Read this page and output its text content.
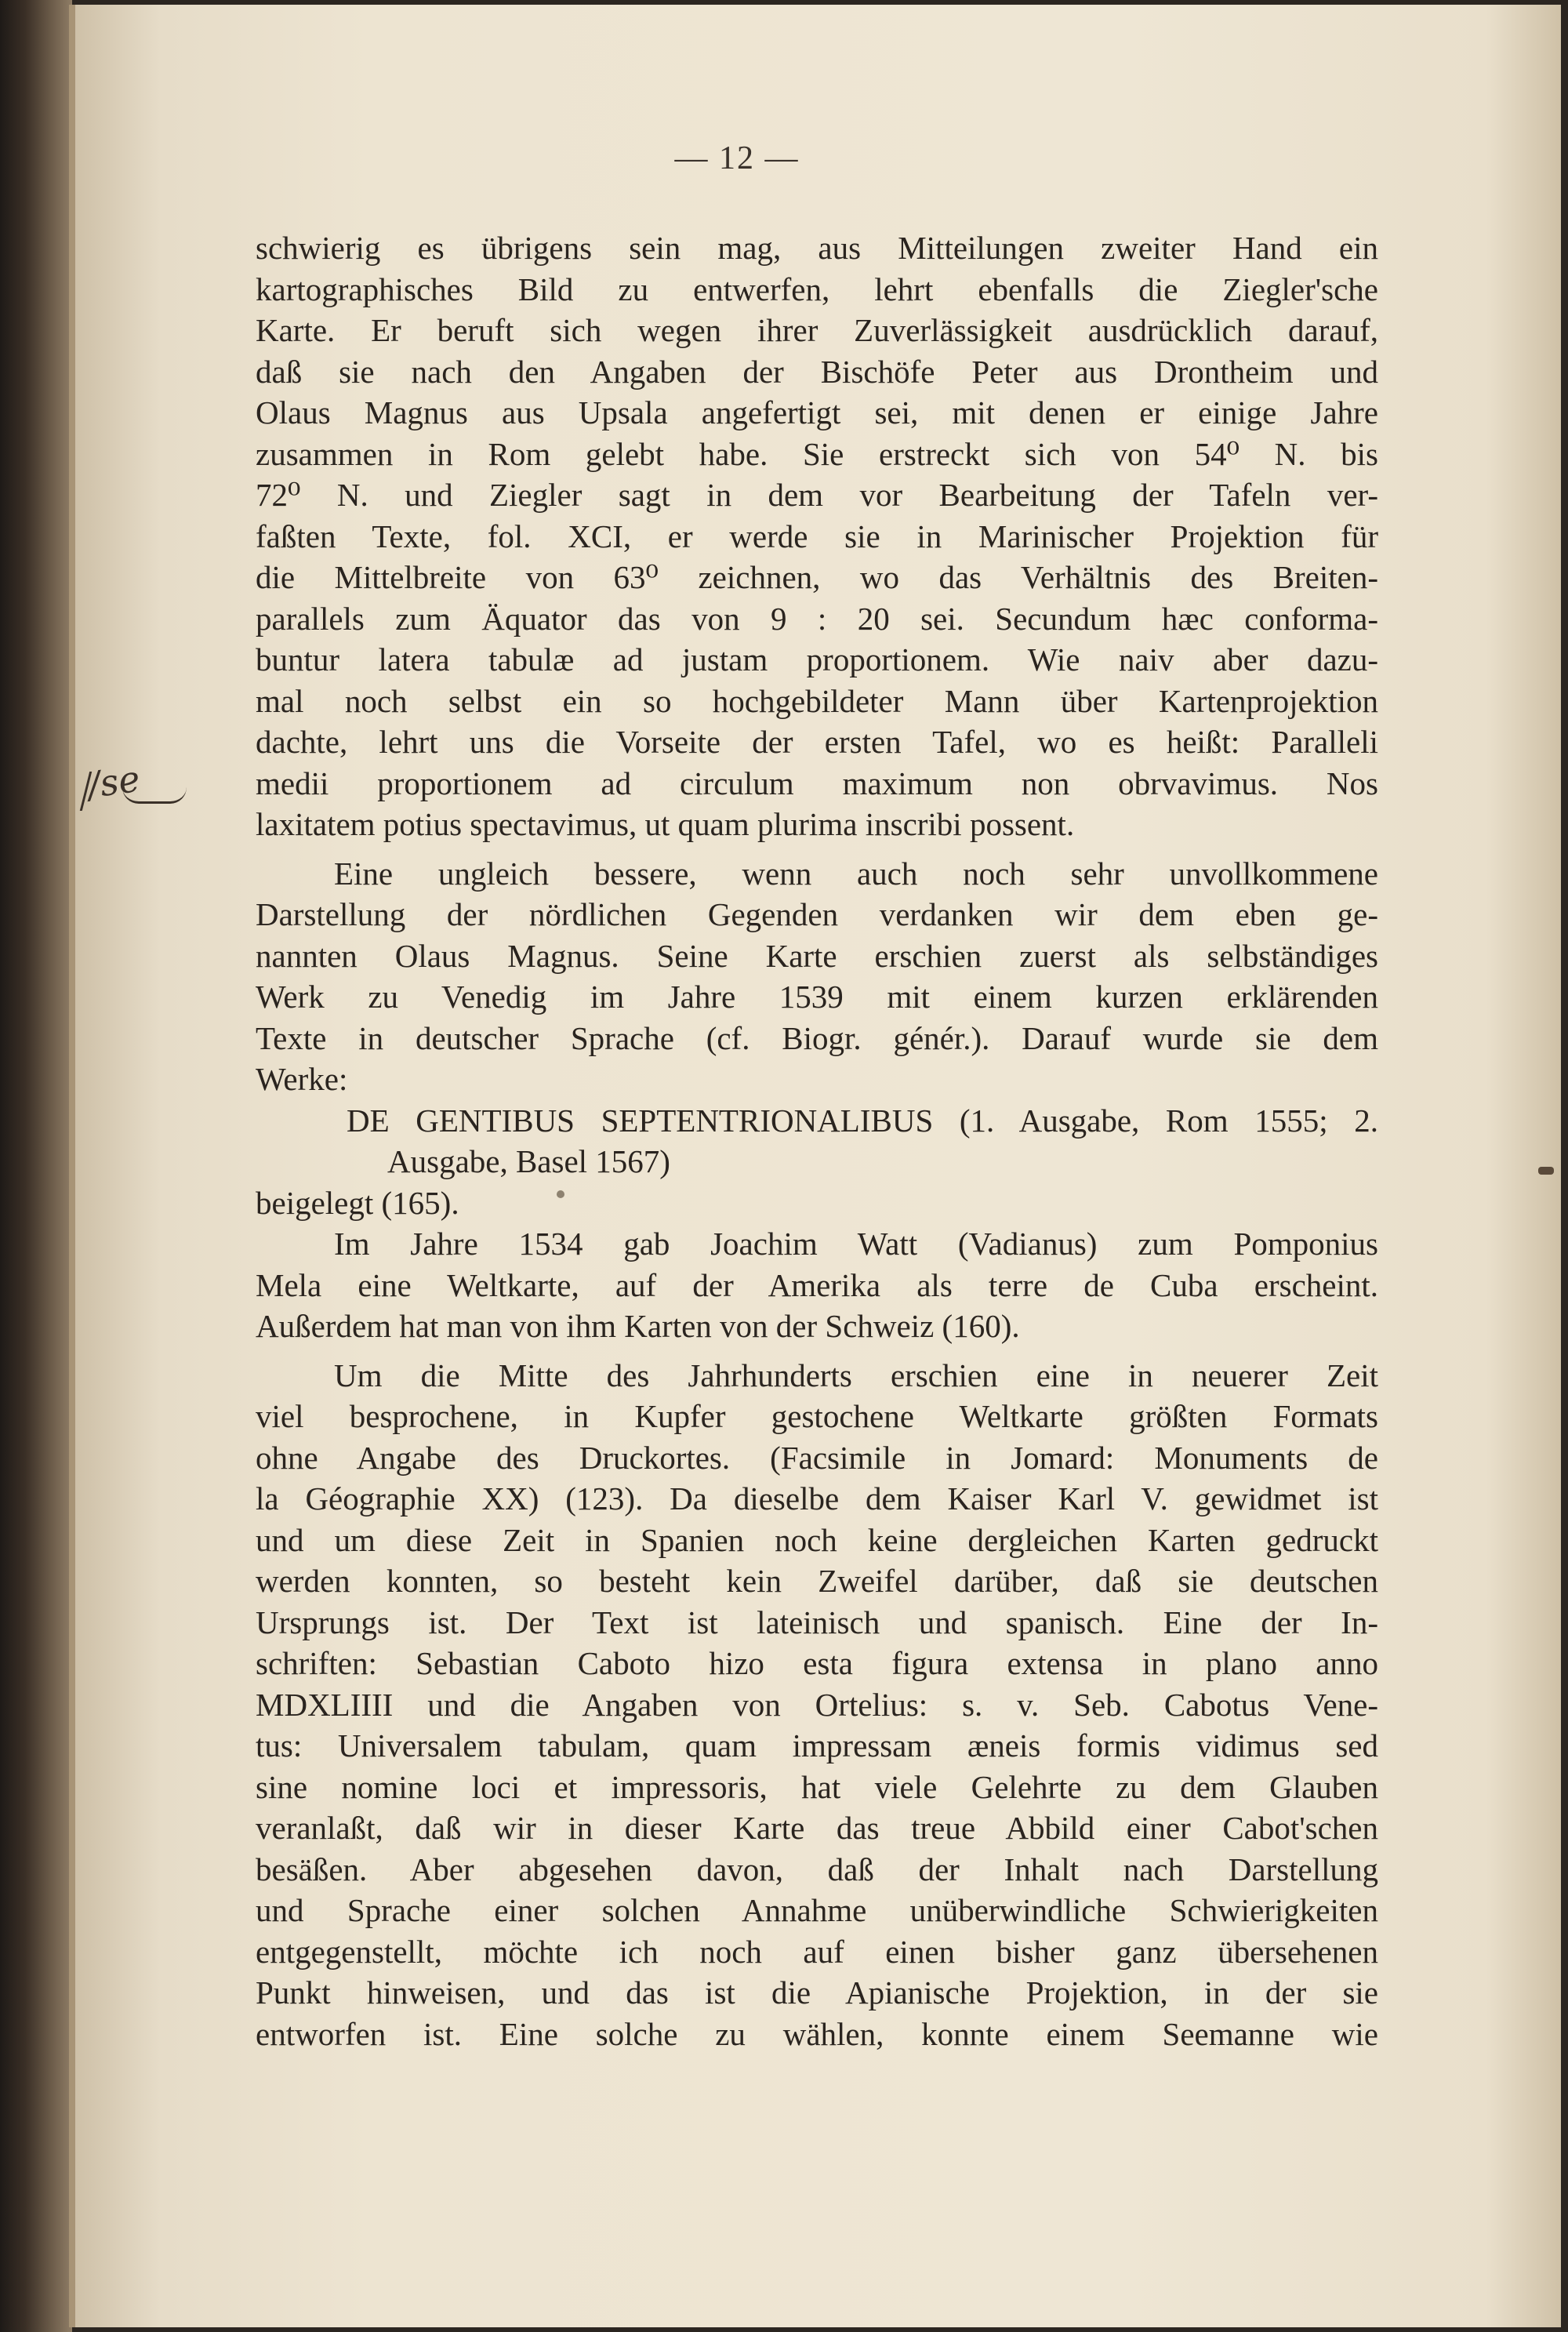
— 12 —
/se
schwierig es übrigens sein mag, aus Mitteilungen zweiter Hand ein
kartographisches Bild zu entwerfen, lehrt ebenfalls die Ziegler'sche
Karte. Er beruft sich wegen ihrer Zuverlässigkeit ausdrücklich darauf,
daß sie nach den Angaben der Bischöfe Peter aus Drontheim und
Olaus Magnus aus Upsala angefertigt sei, mit denen er einige Jahre
zusammen in Rom gelebt habe. Sie erstreckt sich von 54⁰ N. bis
72⁰ N. und Ziegler sagt in dem vor Bearbeitung der Tafeln ver-
faßten Texte, fol. XCI, er werde sie in Marinischer Projektion für
die Mittelbreite von 63⁰ zeichnen, wo das Verhältnis des Breiten-
parallels zum Äquator das von 9 : 20 sei. Secundum hæc conforma-
buntur latera tabulæ ad justam proportionem. Wie naiv aber dazu-
mal noch selbst ein so hochgebildeter Mann über Kartenprojektion
dachte, lehrt uns die Vorseite der ersten Tafel, wo es heißt: Paralleli
medii proportionem ad circulum maximum non obrvavimus. Nos
laxitatem potius spectavimus, ut quam plurima inscribi possent.
Eine ungleich bessere, wenn auch noch sehr unvollkommene
Darstellung der nördlichen Gegenden verdanken wir dem eben ge-
nannten Olaus Magnus. Seine Karte erschien zuerst als selbständiges
Werk zu Venedig im Jahre 1539 mit einem kurzen erklärenden
Texte in deutscher Sprache (cf. Biogr. génér.). Darauf wurde sie dem
Werke:
DE GENTIBUS SEPTENTRIONALIBUS (1. Ausgabe, Rom 1555; 2.
Ausgabe, Basel 1567)
beigelegt (165).
Im Jahre 1534 gab Joachim Watt (Vadianus) zum Pomponius
Mela eine Weltkarte, auf der Amerika als terre de Cuba erscheint.
Außerdem hat man von ihm Karten von der Schweiz (160).
Um die Mitte des Jahrhunderts erschien eine in neuerer Zeit
viel besprochene, in Kupfer gestochene Weltkarte größten Formats
ohne Angabe des Druckortes. (Facsimile in Jomard: Monuments de
la Géographie XX) (123). Da dieselbe dem Kaiser Karl V. gewidmet ist
und um diese Zeit in Spanien noch keine dergleichen Karten gedruckt
werden konnten, so besteht kein Zweifel darüber, daß sie deutschen
Ursprungs ist. Der Text ist lateinisch und spanisch. Eine der In-
schriften: Sebastian Caboto hizo esta figura extensa in plano anno
MDXLIIII und die Angaben von Ortelius: s. v. Seb. Cabotus Vene-
tus: Universalem tabulam, quam impressam æneis formis vidimus sed
sine nomine loci et impressoris, hat viele Gelehrte zu dem Glauben
veranlaßt, daß wir in dieser Karte das treue Abbild einer Cabot'schen
besäßen. Aber abgesehen davon, daß der Inhalt nach Darstellung
und Sprache einer solchen Annahme unüberwindliche Schwierigkeiten
entgegenstellt, möchte ich noch auf einen bisher ganz übersehenen
Punkt hinweisen, und das ist die Apianische Projektion, in der sie
entworfen ist. Eine solche zu wählen, konnte einem Seemanne wie
